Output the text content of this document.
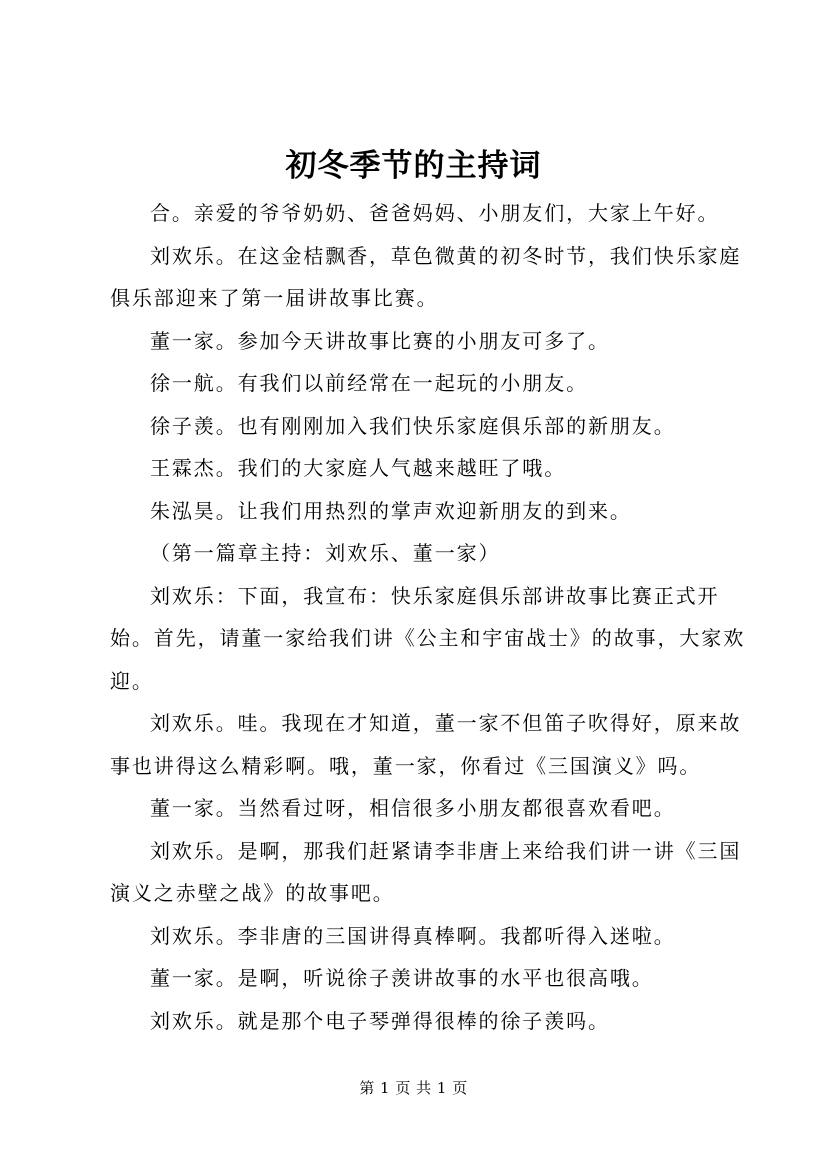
初冬季节的主持词

合。亲爱的爷爷奶奶、爸爸妈妈、小朋友们，大家上午好。

刘欢乐。在这金桔飘香，草色微黄的初冬时节，我们快乐家庭俱乐部迎来了第一届讲故事比赛。

董一家。参加今天讲故事比赛的小朋友可多了。

徐一航。有我们以前经常在一起玩的小朋友。

徐子羡。也有刚刚加入我们快乐家庭俱乐部的新朋友。

王霖杰。我们的大家庭人气越来越旺了哦。

朱泓昊。让我们用热烈的掌声欢迎新朋友的到来。

（第一篇章主持：刘欢乐、董一家）

刘欢乐：下面，我宣布：快乐家庭俱乐部讲故事比赛正式开始。首先，请董一家给我们讲《公主和宇宙战士》的故事，大家欢迎。

刘欢乐。哇。我现在才知道，董一家不但笛子吹得好，原来故事也讲得这么精彩啊。哦，董一家，你看过《三国演义》吗。

董一家。当然看过呀，相信很多小朋友都很喜欢看吧。

刘欢乐。是啊，那我们赶紧请李非唐上来给我们讲一讲《三国演义之赤壁之战》的故事吧。

刘欢乐。李非唐的三国讲得真棒啊。我都听得入迷啦。

董一家。是啊，听说徐子羡讲故事的水平也很高哦。

刘欢乐。就是那个电子琴弹得很棒的徐子羡吗。

第 1 页 共 1 页
